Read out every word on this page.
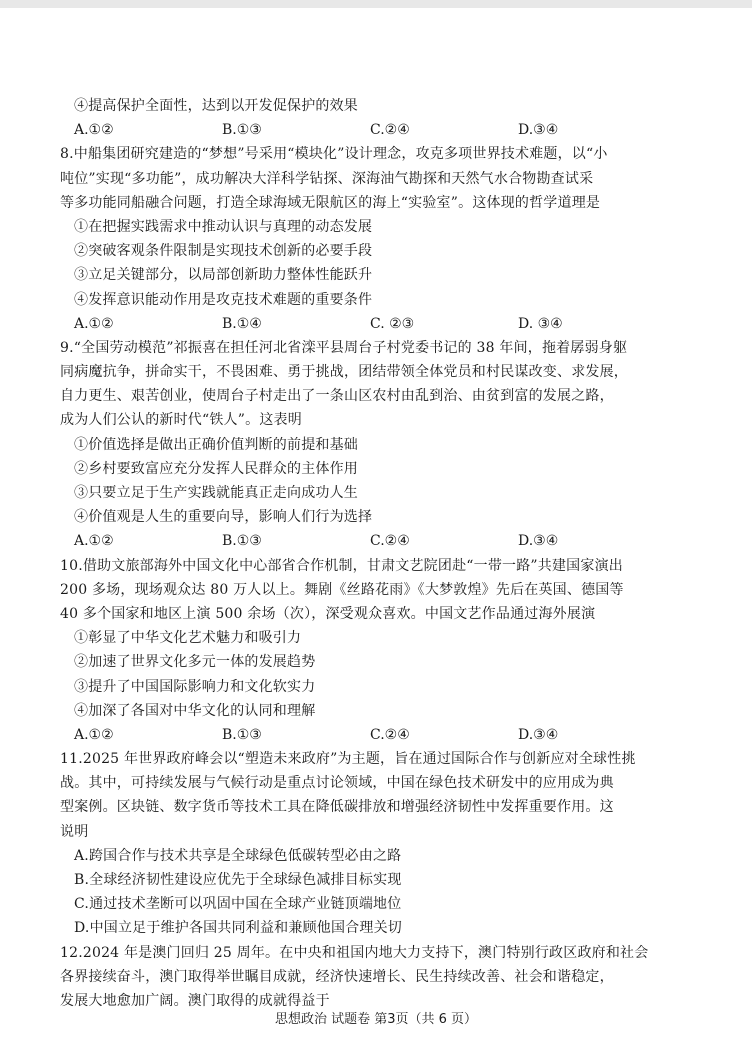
④提高保护全面性，达到以开发促保护的效果
A.①②	B.①③	C.②④	D.③④
8.中船集团研究建造的“梦想”号采用“模块化”设计理念，攻克多项世界技术难题，以“小
吨位”实现“多功能”，成功解决大洋科学钻探、深海油气勘探和天然气水合物勘查试采
等多功能同船融合问题，打造全球海域无限航区的海上“实验室”。这体现的哲学道理是
①在把握实践需求中推动认识与真理的动态发展
②突破客观条件限制是实现技术创新的必要手段
③立足关键部分，以局部创新助力整体性能跃升
④发挥意识能动作用是攻克技术难题的重要条件
A.①②	B.①④	C. ②③	D. ③④
9.“全国劳动模范”祁振喜在担任河北省滦平县周台子村党委书记的 38 年间，拖着孱弱身躯
同病魔抗争，拼命实干，不畏困难、勇于挑战，团结带领全体党员和村民谋改变、求发展，
自力更生、艰苦创业，使周台子村走出了一条山区农村由乱到治、由贫到富的发展之路，
成为人们公认的新时代“铁人”。这表明
①价值选择是做出正确价值判断的前提和基础
②乡村要致富应充分发挥人民群众的主体作用
③只要立足于生产实践就能真正走向成功人生
④价值观是人生的重要向导，影响人们行为选择
A.①②	B.①③	C.②④	D.③④
10.借助文旅部海外中国文化中心部省合作机制，甘肃文艺院团赴“一带一路”共建国家演出
200 多场，现场观众达 80 万人以上。舞剧《丝路花雨》《大梦敦煌》先后在英国、德国等
40 多个国家和地区上演 500 余场（次），深受观众喜欢。中国文艺作品通过海外展演
①彰显了中华文化艺术魅力和吸引力
②加速了世界文化多元一体的发展趋势
③提升了中国国际影响力和文化软实力
④加深了各国对中华文化的认同和理解
A.①②	B.①③	C.②④	D.③④
11.2025 年世界政府峰会以“塑造未来政府”为主题，旨在通过国际合作与创新应对全球性挑
战。其中，可持续发展与气候行动是重点讨论领域，中国在绿色技术研发中的应用成为典
型案例。区块链、数字货币等技术工具在降低碳排放和增强经济韧性中发挥重要作用。这
说明
A.跨国合作与技术共享是全球绿色低碳转型必由之路
B.全球经济韧性建设应优先于全球绿色减排目标实现
C.通过技术垄断可以巩固中国在全球产业链顶端地位
D.中国立足于维护各国共同利益和兼顾他国合理关切
12.2024 年是澳门回归 25 周年。在中央和祖国内地大力支持下，澳门特别行政区政府和社会
各界接续奋斗，澳门取得举世瞩目成就，经济快速增长、民生持续改善、社会和谐稳定，
发展大地愈加广阔。澳门取得的成就得益于
思想政治 试题卷 第3页（共 6 页）
